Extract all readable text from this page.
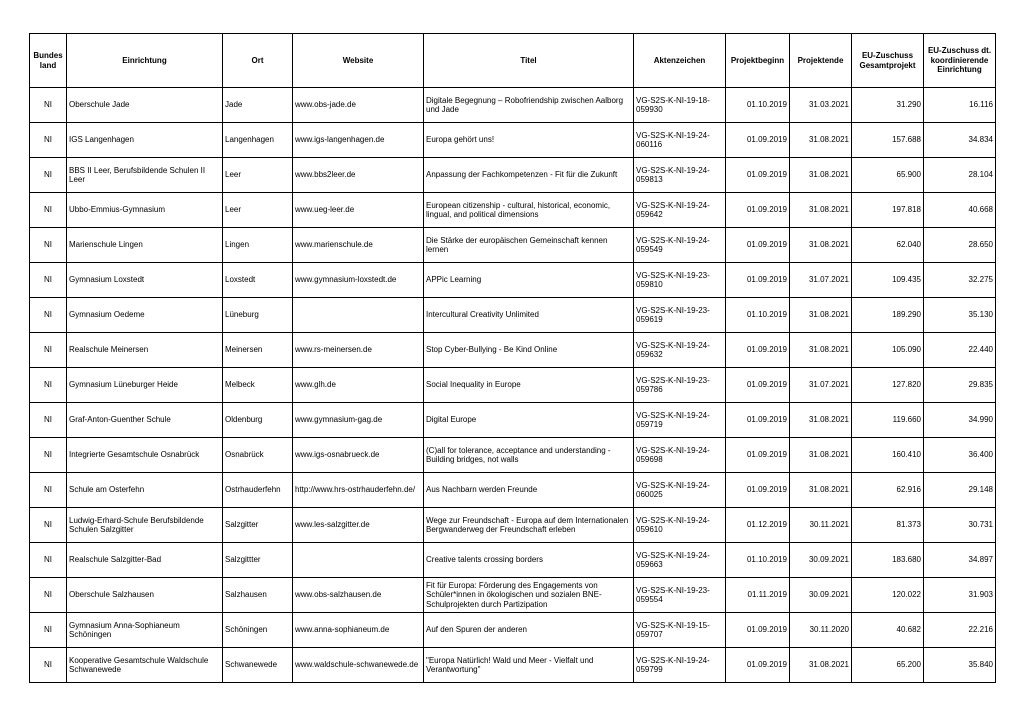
Bundes land	Einrichtung	Ort	Website	Titel	Aktenzeichen	Projektbeginn	Projektende	EU-Zuschuss Gesamtprojekt	EU-Zuschuss dt. koordinierende Einrichtung
NI	Oberschule Jade	Jade	www.obs-jade.de	Digitale Begegnung – Robofriendship zwischen Aalborg und Jade	VG-S2S-K-NI-19-18-059930	01.10.2019	31.03.2021	31.290	16.116
NI	IGS Langenhagen	Langenhagen	www.igs-langenhagen.de	Europa gehört uns!	VG-S2S-K-NI-19-24-060116	01.09.2019	31.08.2021	157.688	34.834
NI	BBS II Leer, Berufsbildende Schulen II Leer	Leer	www.bbs2leer.de	Anpassung der Fachkompetenzen - Fit für die Zukunft	VG-S2S-K-NI-19-24-059813	01.09.2019	31.08.2021	65.900	28.104
NI	Ubbo-Emmius-Gymnasium	Leer	www.ueg-leer.de	European citizenship - cultural, historical, economic, lingual, and political dimensions	VG-S2S-K-NI-19-24-059642	01.09.2019	31.08.2021	197.818	40.668
NI	Marienschule Lingen	Lingen	www.marienschule.de	Die Stärke der europäischen Gemeinschaft kennen lernen	VG-S2S-K-NI-19-24-059549	01.09.2019	31.08.2021	62.040	28.650
NI	Gymnasium Loxstedt	Loxstedt	www.gymnasium-loxstedt.de	APPic Learning	VG-S2S-K-NI-19-23-059810	01.09.2019	31.07.2021	109.435	32.275
NI	Gymnasium Oedeme	Lüneburg		Intercultural Creativity Unlimited	VG-S2S-K-NI-19-23-059619	01.10.2019	31.08.2021	189.290	35.130
NI	Realschule Meinersen	Meinersen	www.rs-meinersen.de	Stop Cyber-Bullying - Be Kind Online	VG-S2S-K-NI-19-24-059632	01.09.2019	31.08.2021	105.090	22.440
NI	Gymnasium Lüneburger Heide	Melbeck	www.glh.de	Social Inequality in Europe	VG-S2S-K-NI-19-23-059786	01.09.2019	31.07.2021	127.820	29.835
NI	Graf-Anton-Guenther Schule	Oldenburg	www.gymnasium-gag.de	Digital Europe	VG-S2S-K-NI-19-24-059719	01.09.2019	31.08.2021	119.660	34.990
NI	Integrierte Gesamtschule Osnabrück	Osnabrück	www.igs-osnabrueck.de	(C)all for tolerance, acceptance and understanding - Building bridges, not walls	VG-S2S-K-NI-19-24-059698	01.09.2019	31.08.2021	160.410	36.400
NI	Schule am Osterfehn	Ostrhauderfehn	http://www.hrs-ostrhauderfehn.de/	Aus Nachbarn werden Freunde	VG-S2S-K-NI-19-24-060025	01.09.2019	31.08.2021	62.916	29.148
NI	Ludwig-Erhard-Schule Berufsbildende Schulen Salzgitter	Salzgitter	www.les-salzgitter.de	Wege zur Freundschaft - Europa auf dem Internationalen Bergwanderweg der Freundschaft erleben	VG-S2S-K-NI-19-24-059610	01.12.2019	30.11.2021	81.373	30.731
NI	Realschule Salzgitter-Bad	Salzgittter		Creative talents crossing borders	VG-S2S-K-NI-19-24-059663	01.10.2019	30.09.2021	183.680	34.897
NI	Oberschule Salzhausen	Salzhausen	www.obs-salzhausen.de	Fit für Europa: Förderung des Engagements von Schüler*innen in ökologischen und sozialen BNE-Schulprojekten durch Partizipation	VG-S2S-K-NI-19-23-059554	01.11.2019	30.09.2021	120.022	31.903
NI	Gymnasium Anna-Sophianeum Schöningen	Schöningen	www.anna-sophianeum.de	Auf den Spuren der anderen	VG-S2S-K-NI-19-15-059707	01.09.2019	30.11.2020	40.682	22.216
NI	Kooperative Gesamtschule Waldschule Schwanewede	Schwanewede	www.waldschule-schwanewede.de	"Europa Natürlich! Wald und Meer - Vielfalt und Verantwortung"	VG-S2S-K-NI-19-24-059799	01.09.2019	31.08.2021	65.200	35.840
